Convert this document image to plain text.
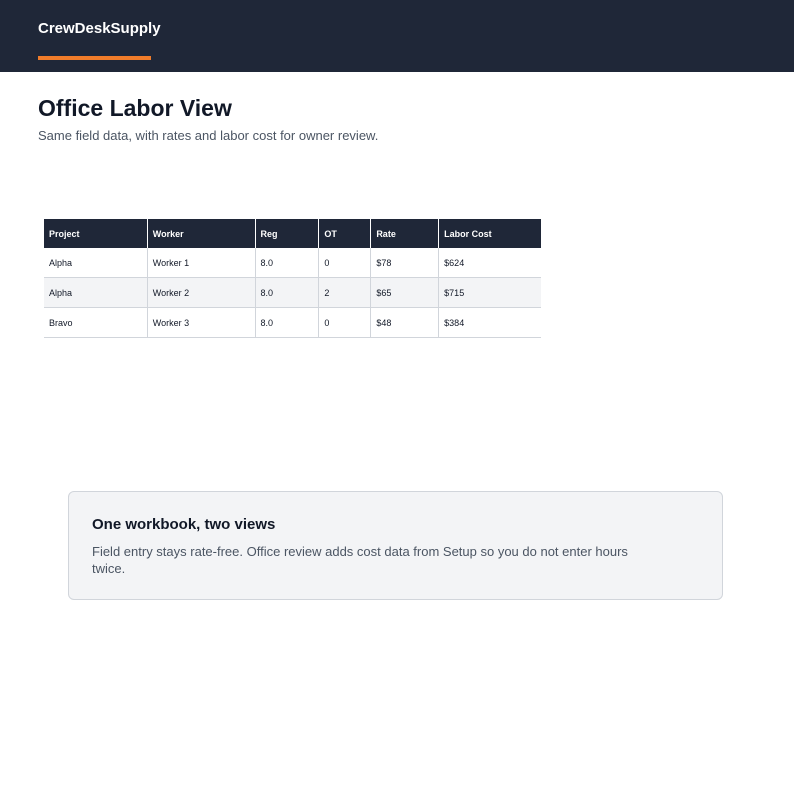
CrewDeskSupply
Office Labor View

Same field data, with rates and labor cost for owner review.

Project	Worker	Reg	OT	Rate	Labor Cost
Alpha	Worker 1	8.0	0	$78	$624
Alpha	Worker 2	8.0	2	$65	$715
Bravo	Worker 3	8.0	0	$48	$384
One workbook, two views

Field entry stays rate-free. Office review adds cost data from Setup so you do not enter hours twice.
